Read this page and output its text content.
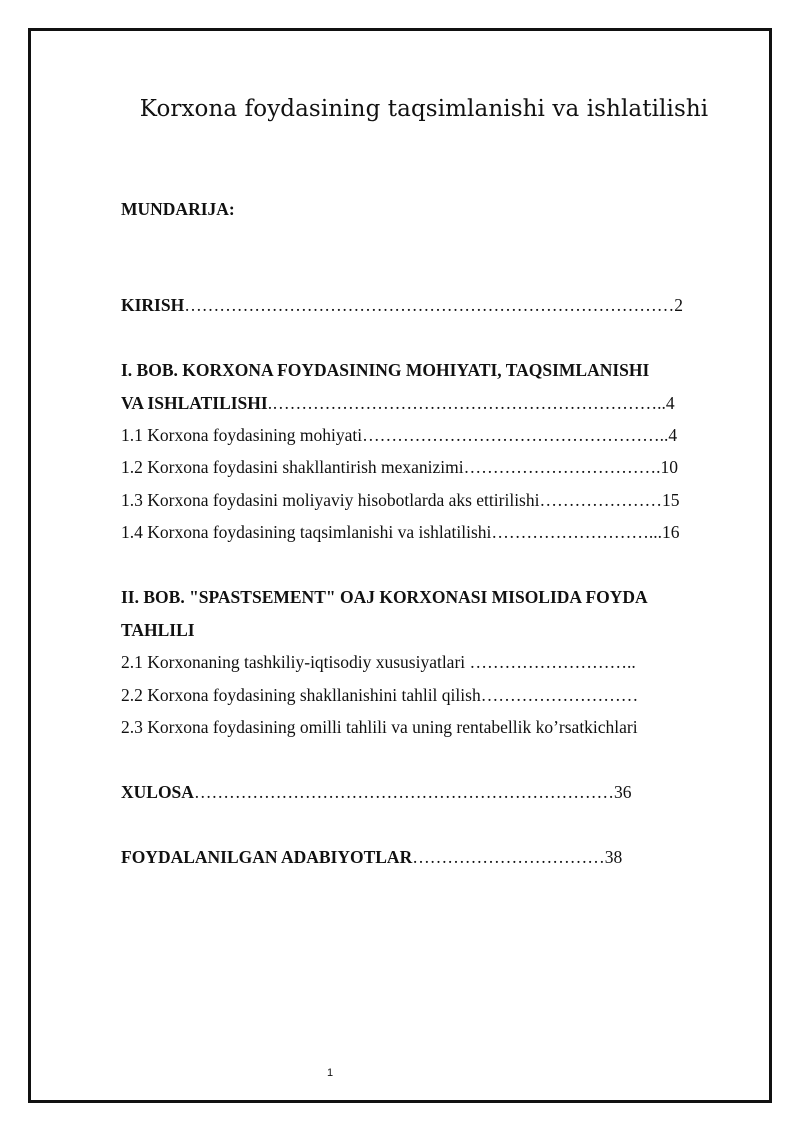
Korxona foydasining taqsimlanishi va ishlatilishi
MUNDARIJA:
KIRISH…………………………………………………………………………2
I. BOB. KORXONA FOYDASINING MOHIYATI, TAQSIMLANISHI
VA ISHLATILISHI.…………………………………………………………..4
1.1 Korxona foydasining mohiyati……………………………………………..4
1.2 Korxona foydasini shakllantirish mexanizimi…………………………….10
1.3 Korxona foydasini moliyaviy hisobotlarda aks ettirilishi…………………15
1.4 Korxona foydasining taqsimlanishi va ishlatilishi………………………...16
II. BOB. "SPASTSEMENT" OAJ KORXONASI MISOLIDA FOYDA
TAHLILI
2.1 Korxonaning tashkiliy-iqtisodiy xususiyatlari ………………………..
2.2 Korxona foydasining shakllanishini tahlil qilish………………………
2.3 Korxona foydasining omilli tahlili va uning rentabellik ko’rsatkichlari
XULOSA………………………………………………………………36
FOYDALANILGAN ADABIYOTLAR……………………………38
1
